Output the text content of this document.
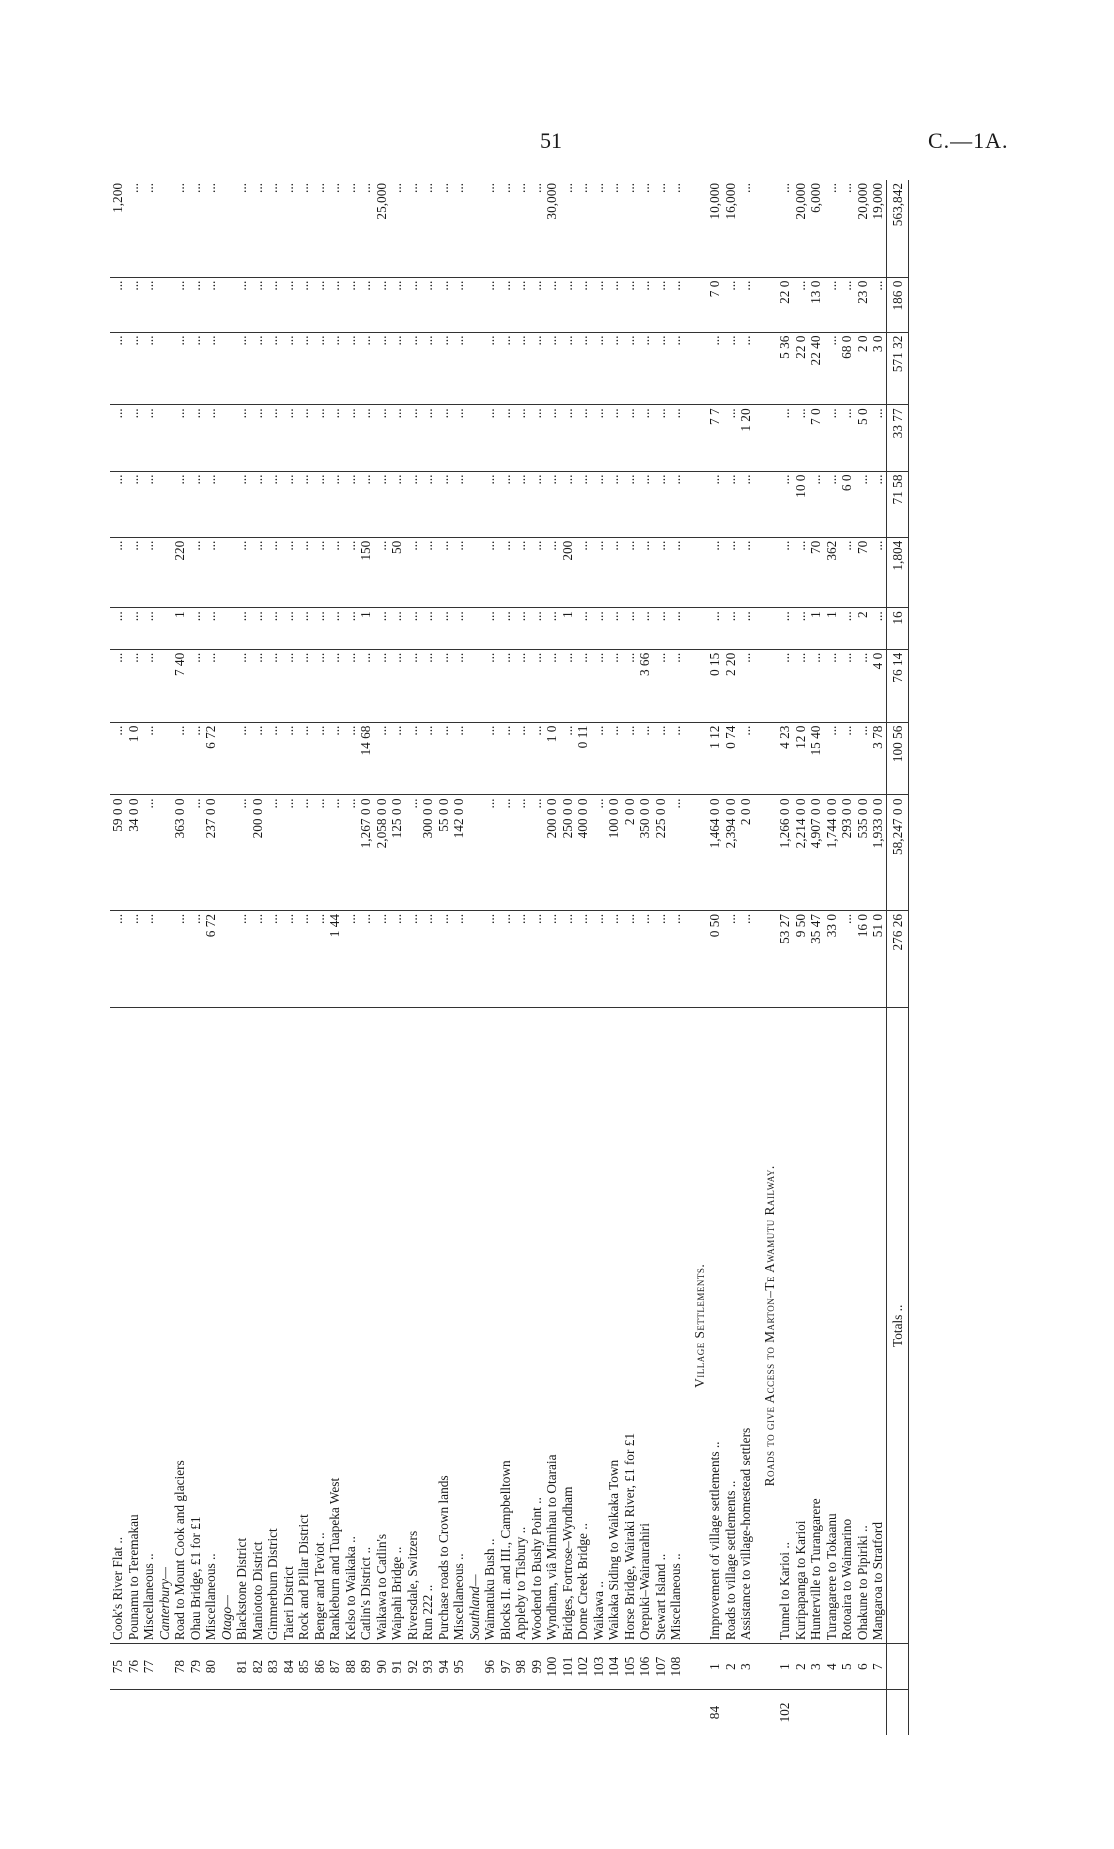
51	C.—1A.
	75	Cook's River Flat ..	...	59 0 0	...	...	...	...	...	...	...	...	1,200
	76	Pounamu to Teremakau	...	34 0 0	1 0	...	...	...	...	...	...	...	...
	77	Miscellaneous ..	...	...	...	...	...	...	...	...	...	...	...
		Canterbury—											
	78	Road to Mount Cook and glaciers	...	363 0 0	...	7 40	1	220	...	...	...	...	...
	79	Ohau Bridge, £1 for £1	...	...	...	...	...	...	...	...	...	...	...
	80	Miscellaneous ..	6 72	237 0 0	6 72	...	...	...	...	...	...	...	...
		Otago—											
	81	Blackstone District	...	...	...	...	...	...	...	...	...	...	...
	82	Maniototo District	...	200 0 0	...	...	...	...	...	...	...	...	...
	83	Gimmerburn District	...	...	...	...	...	...	...	...	...	...	...
	84	Taieri District	...	...	...	...	...	...	...	...	...	...	...
	85	Rock and Pillar District	...	...	...	...	...	...	...	...	...	...	...
	86	Benger and Teviot ..	...	...	...	...	...	...	...	...	...	...	...
	87	Rankleburn and Tuapeka West	1 44	...	...	...	...	...	...	...	...	...	...
	88	Kelso to Waikaka ..	...	...	...	...	...	...	...	...	...	...	...
	89	Catlin's District ..	...	1,267 0 0	14 68	...	1	150	...	...	...	...	...
	90	Waikawa to Catlin's	...	2,058 0 0	...	...	...	...	...	...	...	...	25,000
	91	Waipahi Bridge ..	...	125 0 0	...	...	...	50	...	...	...	...	...
	92	Riversdale, Switzers	...	...	...	...	...	...	...	...	...	...	...
	93	Run 222 ..	...	300 0 0	...	...	...	...	...	...	...	...	...
	94	Purchase roads to Crown lands	...	55 0 0	...	...	...	...	...	...	...	...	...
	95	Miscellaneous ..	...	142 0 0	...	...	...	...	...	...	...	...	...
		Southland—											
	96	Waimatuku Bush ..	...	...	...	...	...	...	...	...	...	...	...
	97	Blocks II. and III., Campbelltown	...	...	...	...	...	...	...	...	...	...	...
	98	Appleby to Tisbury ..	...	...	...	...	...	...	...	...	...	...	...
	99	Woodend to Bushy Point ..	...	...	...	...	...	...	...	...	...	...	...
	100	Wyndham, viâ Mimihau to Otaraia	...	200 0 0	1 0	...	...	...	...	...	...	...	30,000
	101	Bridges, Fortrose–Wyndham	...	250 0 0	...	...	1	200	...	...	...	...	...
	102	Dome Creek Bridge ..	...	400 0 0	0 11	...	...	...	...	...	...	...	...
	103	Waikawa ..	...	...	...	...	...	...	...	...	...	...	...
	104	Waikaka Siding to Waikaka Town	...	100 0 0	...	...	...	...	...	...	...	...	...
	105	Horse Bridge, Wairaki River, £1 for £1	...	2 0 0	...	...	...	...	...	...	...	...	...
	106	Orepuki–Wairaurahiri	...	350 0 0	...	3 66	...	...	...	...	...	...	...
	107	Stewart Island ..	...	225 0 0	...	...	...	...	...	...	...	...	...
	108	Miscellaneous ..	...	...	...	...	...	...	...	...	...	...	...
		Village Settlements.											
84	1	Improvement of village settlements ..	0 50	1,464 0 0	1 12	0 15	...	...	...	7 7	...	7 0	10,000
	2	Roads to village settlements ..	...	2,394 0 0	0 74	2 20	...	...	...	...	...	...	16,000
	3	Assistance to village-homestead settlers	...	2 0 0	...	...	...	...	...	1 20	...	...	...
		Roads to give Access to Marton–Te Awamutu Railway.											
102	1	Tunnel to Karioi ..	53 27	1,266 0 0	4 23	...	...	...	...	...	5 36	22 0	...
	2	Kuripapanga to Karioi	9 50	2,214 0 0	12 0	...	...	...	10 0	...	22 0	...	20,000
	3	Hunterville to Turangarere	35 47	4,907 0 0	15 40	...	1	70	...	7 0	22 40	13 0	6,000
	4	Turangarere to Tokaanu	33 0	1,744 0 0	...	...	1	362	...	...	...	...	...
	5	Rotoaira to Waimarino	...	293 0 0	...	...	...	...	6 0	...	68 0	...	...
	6	Ohakune to Pipiriki ..	16 0	535 0 0	...	...	2	70	...	5 0	2 0	23 0	20,000
	7	Mangaroa to Stratford	51 0	1,933 0 0	3 78	4 0	...	...	...	...	3 0	...	19,000
		Totals ..	276 26	58,247 0 0	100 56	76 14	16	1,804	71 58	33 77	571 32	186 0	563,842
